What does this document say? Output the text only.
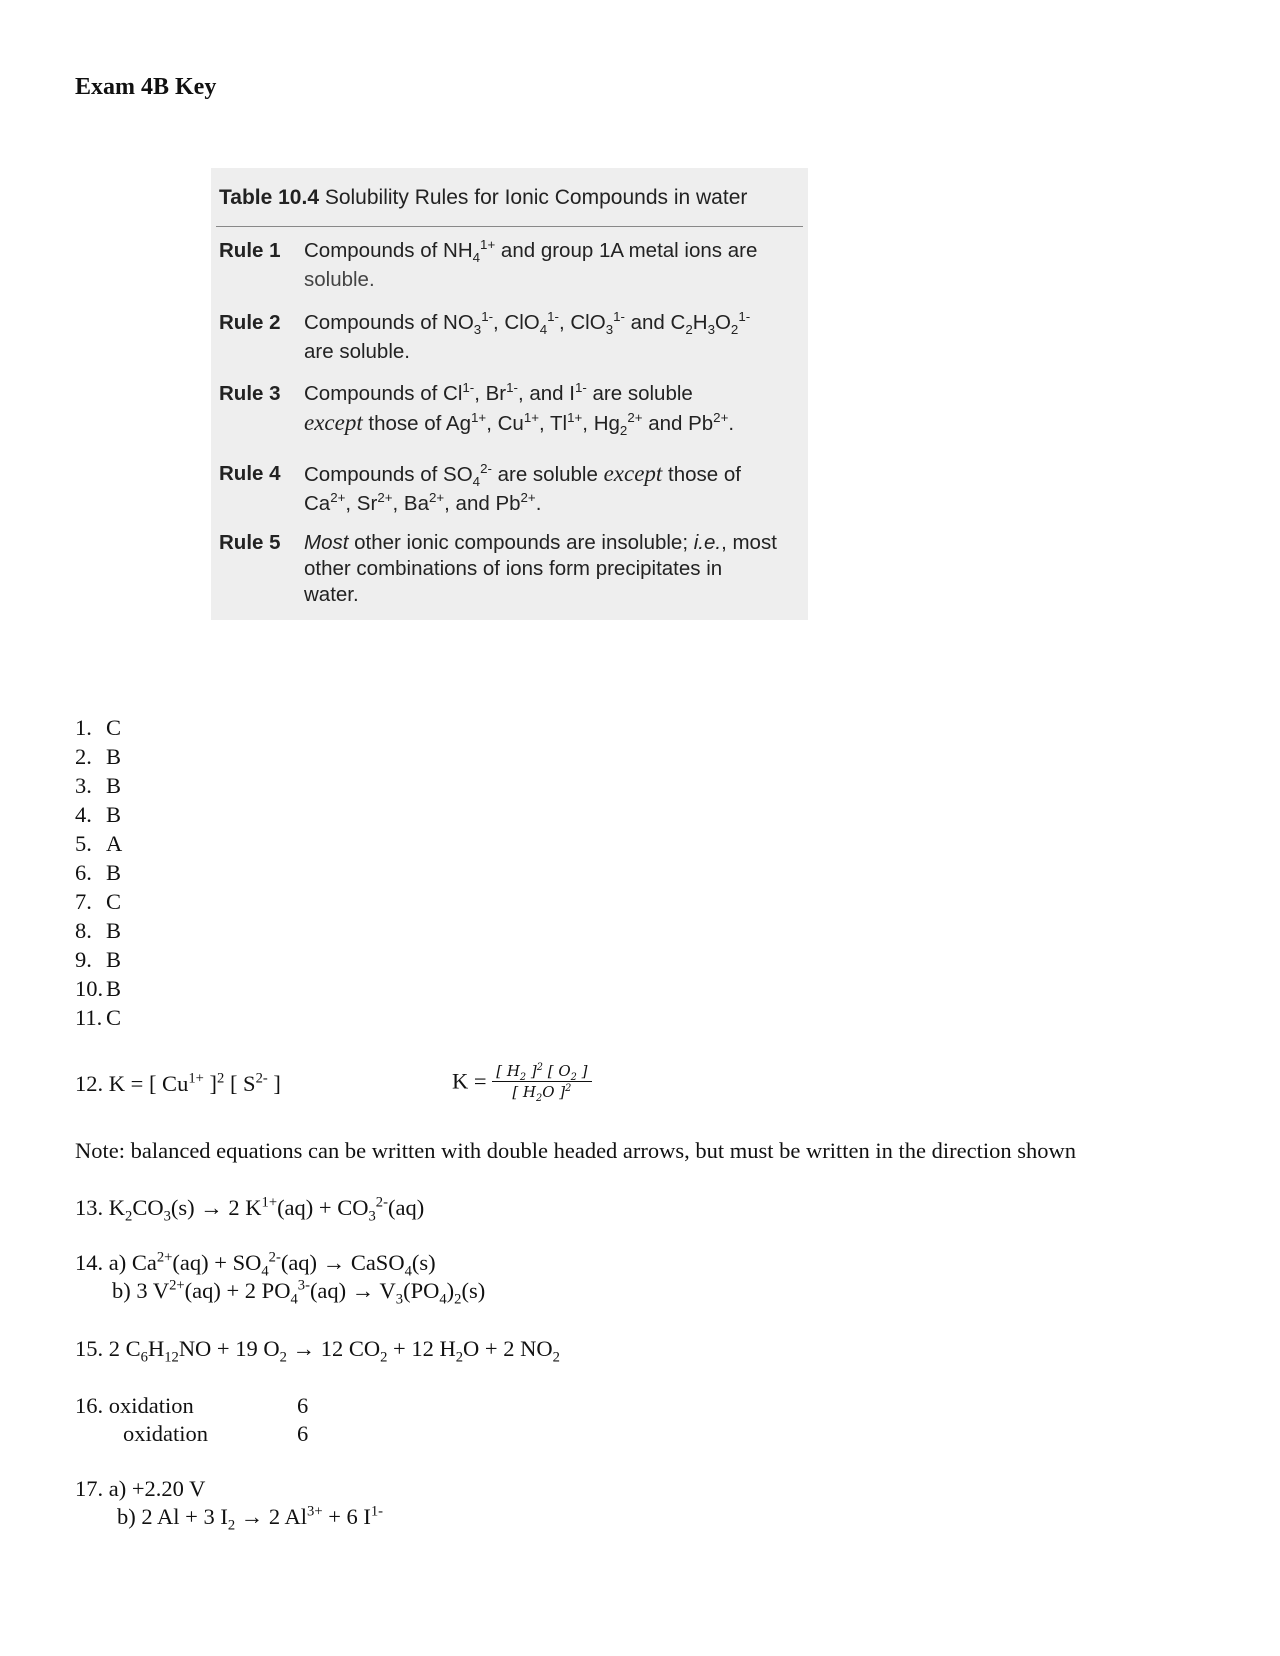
Exam 4B Key
Table 10.4 Solubility Rules for Ionic Compounds in water
Rule 1 Compounds of $NH_4^{1+}$ and group 1A metal ions are
soluble.
Rule 2 Compounds of $NO_3^{1-}$, ClO$_4^{1-}$, ClO$_3^{1-}$ and $C_2H_3O_2^{1-}$
are soluble.
Rule 3 Compounds of $Cl^{1-}$, $Br^{1-}$, and $I^{1-}$ are soluble
except those of $Ag^{1+}$, $Cu^{1+}$, $Tl^{1+}$, $Hg_2^{2+}$ and $Pb^{2+}$.
Rule 4 Compounds of $SO_4^{2-}$ are soluble except those of
$Ca^{2+}$, $Sr^{2+}$, $Ba^{2+}$, and $Pb^{2+}$.
Rule 5 Most other ionic compounds are insoluble; i.e., most
other combinations of ions form precipitates in
water.
1. C
2. B
3. B
4. B
5. A
6. B
7. C
8. B
9. B
10. B
11. C
12. K = [ $Cu^{1+}$ ]$^2$ [ $S^{2-}$ ]	$K = \frac{[ H_2 ]^2 [ O_2 ]}{[ H_2O ]^2}$
Note: balanced equations can be written with double headed arrows, but must be written in the direction shown
13. $K_2CO_3(s) \to 2$ $K^{1+}(aq) + CO_3^{2-}(aq)$
14. a) $Ca^{2+}(aq) + SO_4^{2-}(aq)$ → CaSO$_4$(s)
b) 3 $V^{2+}(aq) + 2$ $PO_4^{3-}(aq) \to V_3(PO_4)_2(s)$
15. 2 $C_6H_{12}NO + 19$ $O_2 \to 12$ $CO_2 + 12$ $H_2O + 2$ $NO_2$
16. oxidation	6
oxidation	6
17. a) +2.20 V
b) 2 Al + 3 $I_2 \to 2$ $Al^{3+} + 6$ $I^{1-}$
